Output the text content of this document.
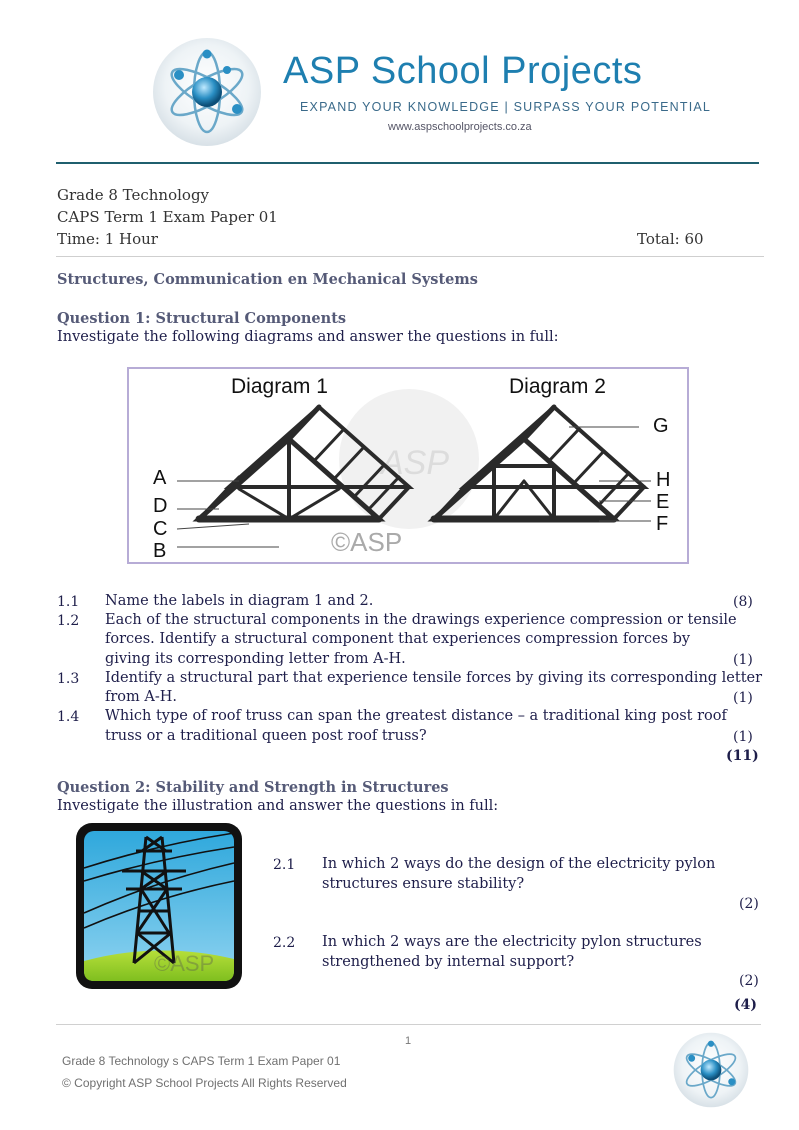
ASP School Projects
EXPAND YOUR KNOWLEDGE | SURPASS YOUR POTENTIAL
www.aspschoolprojects.co.za
Grade 8 Technology
CAPS Term 1 Exam Paper 01
Time: 1 Hour	Total: 60
Structures, Communication en Mechanical Systems
Question 1: Structural Components
Investigate the following diagrams and answer the questions in full:
ASP
Diagram 1	Diagram 2
A
D
C
B
G
H
E
F
©ASP
1.1 Name the labels in diagram 1 and 2.	(8)
1.2 Each of the structural components in the drawings experience compression or tensile
forces. Identify a structural component that experiences compression forces by
giving its corresponding letter from A-H.	(1)
1.3 Identify a structural part that experience tensile forces by giving its corresponding letter
from A-H.	(1)
1.4 Which type of roof truss can span the greatest distance – a traditional king post roof
truss or a traditional queen post roof truss?	(1)
(11)
Question 2: Stability and Strength in Structures
Investigate the illustration and answer the questions in full:
©ASP
2.1 In which 2 ways do the design of the electricity pylon
structures ensure stability?
(2)
2.2 In which 2 ways are the electricity pylon structures
strengthened by internal support?
(2)
(4)
1
Grade 8 Technology s CAPS Term 1 Exam Paper 01
© Copyright ASP School Projects All Rights Reserved
